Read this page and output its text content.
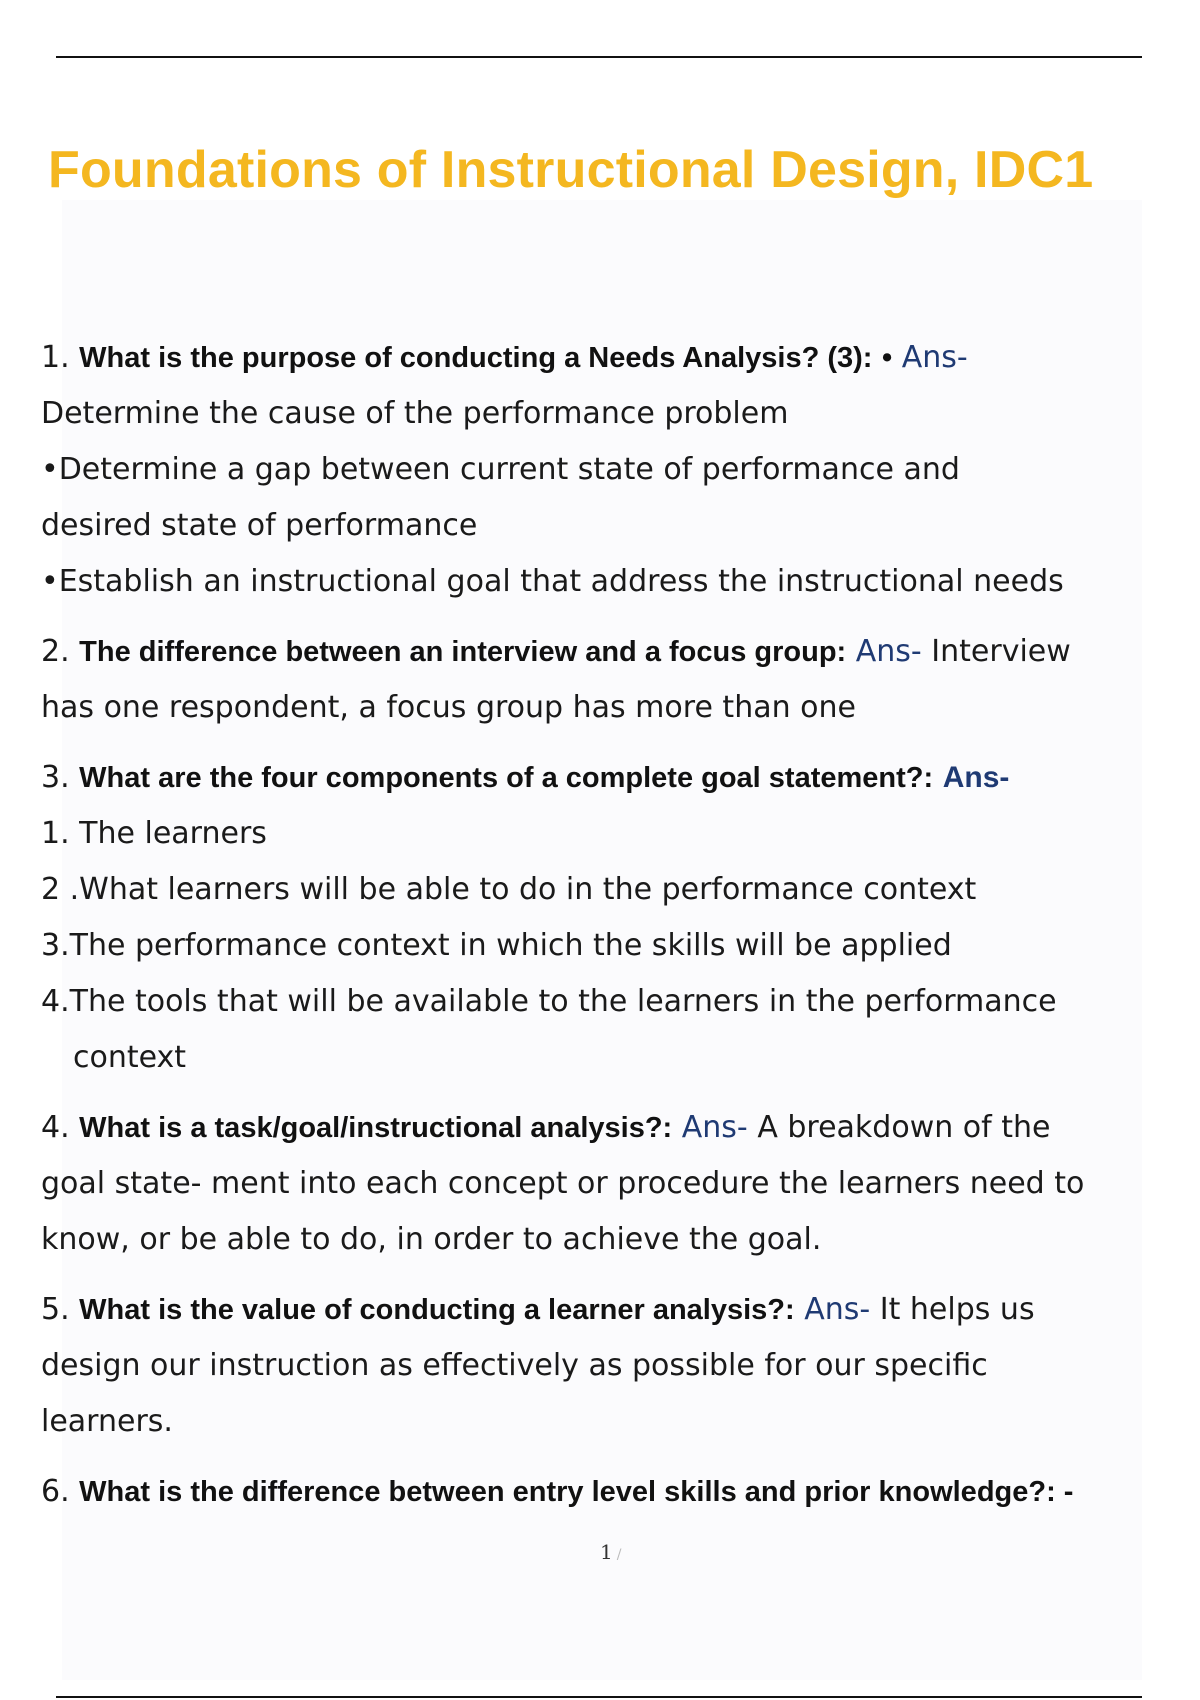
Foundations of Instructional Design, IDC1

1. What is the purpose of conducting a Needs Analysis? (3): • Ans-

Determine the cause of the performance problem

•Determine a gap between current state of performance and

desired state of performance

•Establish an instructional goal that address the instructional needs

2. The difference between an interview and a focus group: Ans- Interview

has one respondent, a focus group has more than one

3. What are the four components of a complete goal statement?: Ans-

1. The learners

2 .What learners will be able to do in the performance context

3.The performance context in which the skills will be applied

4.The tools that will be available to the learners in the performance

context

4. What is a task/goal/instructional analysis?: Ans- A breakdown of the

goal state- ment into each concept or procedure the learners need to

know, or be able to do, in order to achieve the goal.

5. What is the value of conducting a learner analysis?: Ans- It helps us

design our instruction as effectively as possible for our specific

learners.

6. What is the difference between entry level skills and prior knowledge?: -

1 /
